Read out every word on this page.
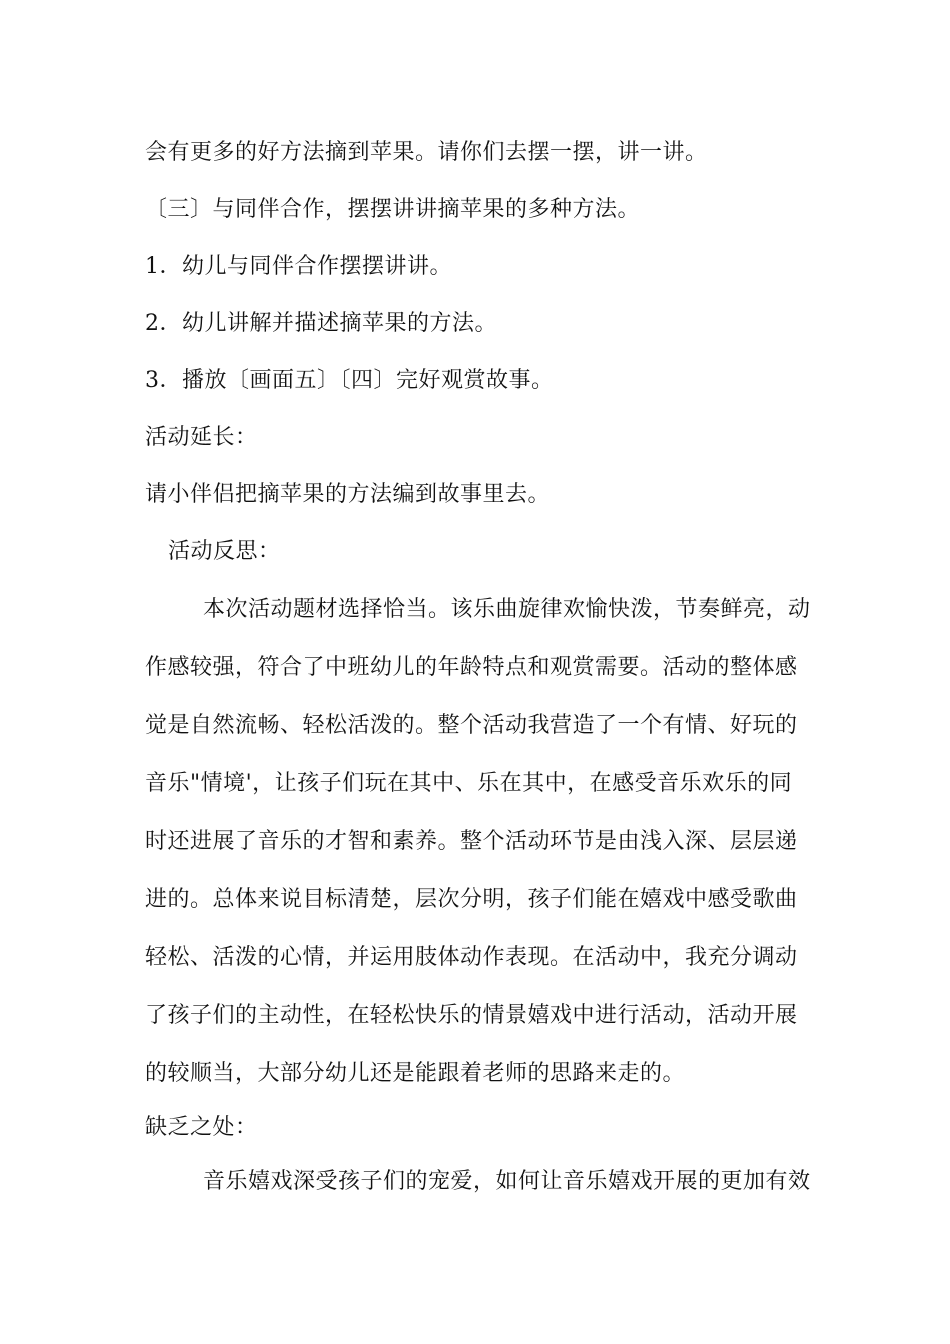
会有更多的好方法摘到苹果。请你们去摆一摆，讲一讲。
〔三〕与同伴合作，摆摆讲讲摘苹果的多种方法。
1．幼儿与同伴合作摆摆讲讲。
2．幼儿讲解并描述摘苹果的方法。
3．播放〔画面五〕〔四〕完好观赏故事。
活动延长：
请小伴侣把摘苹果的方法编到故事里去。
活动反思：
本次活动题材选择恰当。该乐曲旋律欢愉快泼，节奏鲜亮，动
作感较强，符合了中班幼儿的年龄特点和观赏需要。活动的整体感
觉是自然流畅、轻松活泼的。整个活动我营造了一个有情、好玩的
音乐"情境'，让孩子们玩在其中、乐在其中，在感受音乐欢乐的同
时还进展了音乐的才智和素养。整个活动环节是由浅入深、层层递
进的。总体来说目标清楚，层次分明，孩子们能在嬉戏中感受歌曲
轻松、活泼的心情，并运用肢体动作表现。在活动中，我充分调动
了孩子们的主动性，在轻松快乐的情景嬉戏中进行活动，活动开展
的较顺当，大部分幼儿还是能跟着老师的思路来走的。
缺乏之处：
音乐嬉戏深受孩子们的宠爱，如何让音乐嬉戏开展的更加有效
